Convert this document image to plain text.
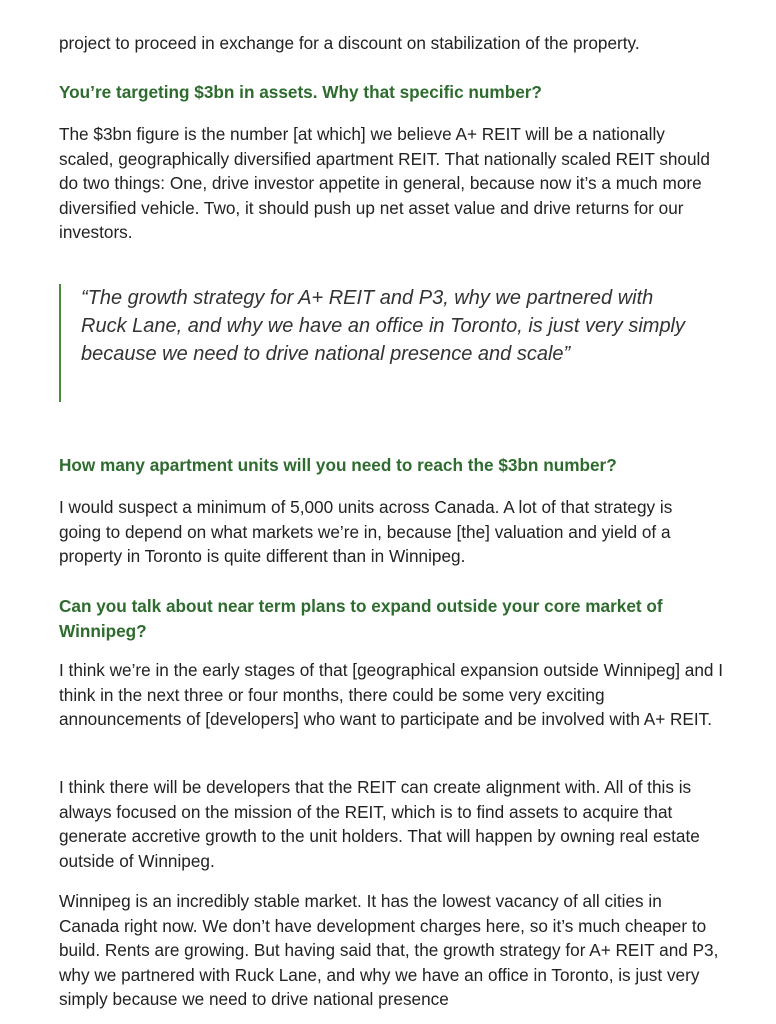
project to proceed in exchange for a discount on stabilization of the property.

You’re targeting $3bn in assets. Why that specific number?

The $3bn figure is the number [at which] we believe A+ REIT will be a nationally scaled, geographically diversified apartment REIT. That nationally scaled REIT should do two things: One, drive investor appetite in general, because now it’s a much more diversified vehicle. Two, it should push up net asset value and drive returns for our investors.

“The growth strategy for A+ REIT and P3, why we partnered with Ruck Lane, and why we have an office in Toronto, is just very simply because we need to drive national presence and scale”

How many apartment units will you need to reach the $3bn number?

I would suspect a minimum of 5,000 units across Canada. A lot of that strategy is going to depend on what markets we’re in, because [the] valuation and yield of a property in Toronto is quite different than in Winnipeg.

Can you talk about near term plans to expand outside your core market of Winnipeg?

I think we’re in the early stages of that [geographical expansion outside Winnipeg] and I think in the next three or four months, there could be some very exciting announcements of [developers] who want to participate and be involved with A+ REIT.

I think there will be developers that the REIT can create alignment with. All of this is always focused on the mission of the REIT, which is to find assets to acquire that generate accretive growth to the unit holders. That will happen by owning real estate outside of Winnipeg.

Winnipeg is an incredibly stable market. It has the lowest vacancy of all cities in Canada right now. We don’t have development charges here, so it’s much cheaper to build. Rents are growing. But having said that, the growth strategy for A+ REIT and P3, why we partnered with Ruck Lane, and why we have an office in Toronto, is just very simply because we need to drive national presence
